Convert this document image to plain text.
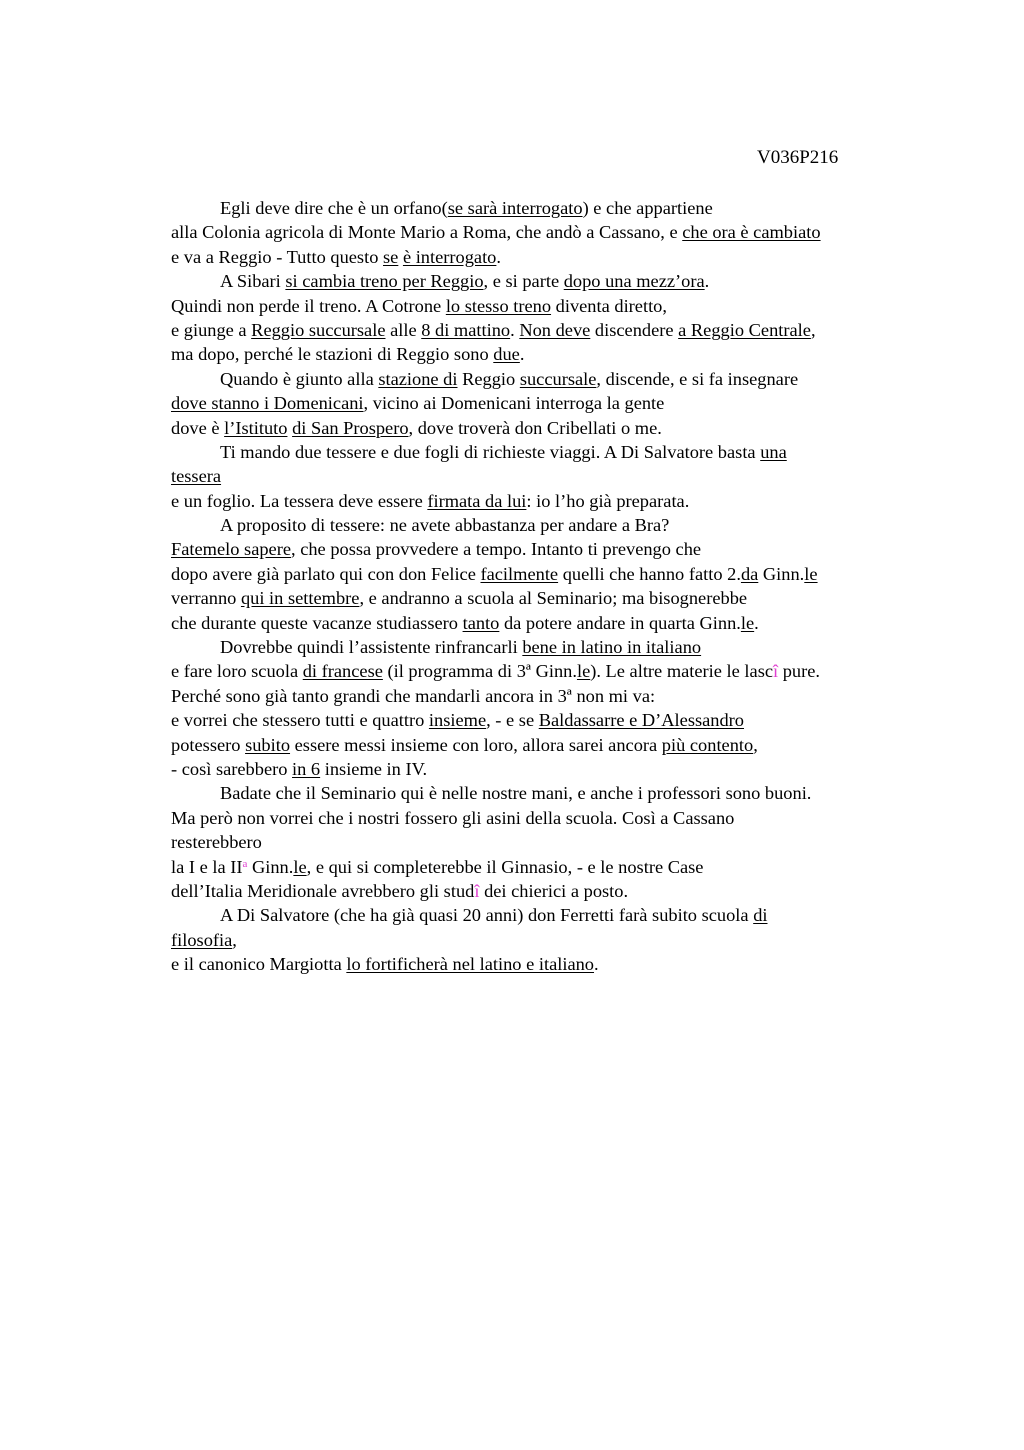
V036P216
Egli deve dire che è un orfano(se sarà interrogato) e che appartiene
alla Colonia agricola di Monte Mario a Roma, che andò a Cassano, e che ora è cambiato
e va a Reggio - Tutto questo se è interrogato.
A Sibari si cambia treno per Reggio, e si parte dopo una mezz’ora.
Quindi non perde il treno. A Cotrone lo stesso treno diventa diretto,
e giunge a Reggio succursale alle 8 di mattino. Non deve discendere a Reggio Centrale,
ma dopo, perché le stazioni di Reggio sono due.
Quando è giunto alla stazione di Reggio succursale, discende, e si fa insegnare
dove stanno i Domenicani, vicino ai Domenicani interroga la gente
dove è l’Istituto di San Prospero, dove troverà don Cribellati o me.
Ti mando due tessere e due fogli di richieste viaggi. A Di Salvatore basta una
tessera
e un foglio. La tessera deve essere firmata da lui: io l’ho già preparata.
A proposito di tessere: ne avete abbastanza per andare a Bra?
Fatemelo sapere, che possa provvedere a tempo. Intanto ti prevengo che
dopo avere già parlato qui con don Felice facilmente quelli che hanno fatto 2.da Ginn.le
verranno qui in settembre, e andranno a scuola al Seminario; ma bisognerebbe
che durante queste vacanze studiassero tanto da potere andare in quarta Ginn.le.
Dovrebbe quindi l’assistente rinfrancarli bene in latino in italiano
e fare loro scuola di francese (il programma di 3ª Ginn.le). Le altre materie le lascî pure.
Perché sono già tanto grandi che mandarli ancora in 3ª non mi va:
e vorrei che stessero tutti e quattro insieme, - e se Baldassarre e D’Alessandro
potessero subito essere messi insieme con loro, allora sarei ancora più contento,
- così sarebbero in 6 insieme in IV.
Badate che il Seminario qui è nelle nostre mani, e anche i professori sono buoni.
Ma però non vorrei che i nostri fossero gli asini della scuola. Così a Cassano
resterebbero
la I e la $II^a$ Ginn.le, e qui si completerebbe il Ginnasio, - e le nostre Case
dell’Italia Meridionale avrebbero gli studî dei chierici a posto.
A Di Salvatore (che ha già quasi 20 anni) don Ferretti farà subito scuola di
filosofia,
e il canonico Margiotta lo fortificherà nel latino e italiano.
